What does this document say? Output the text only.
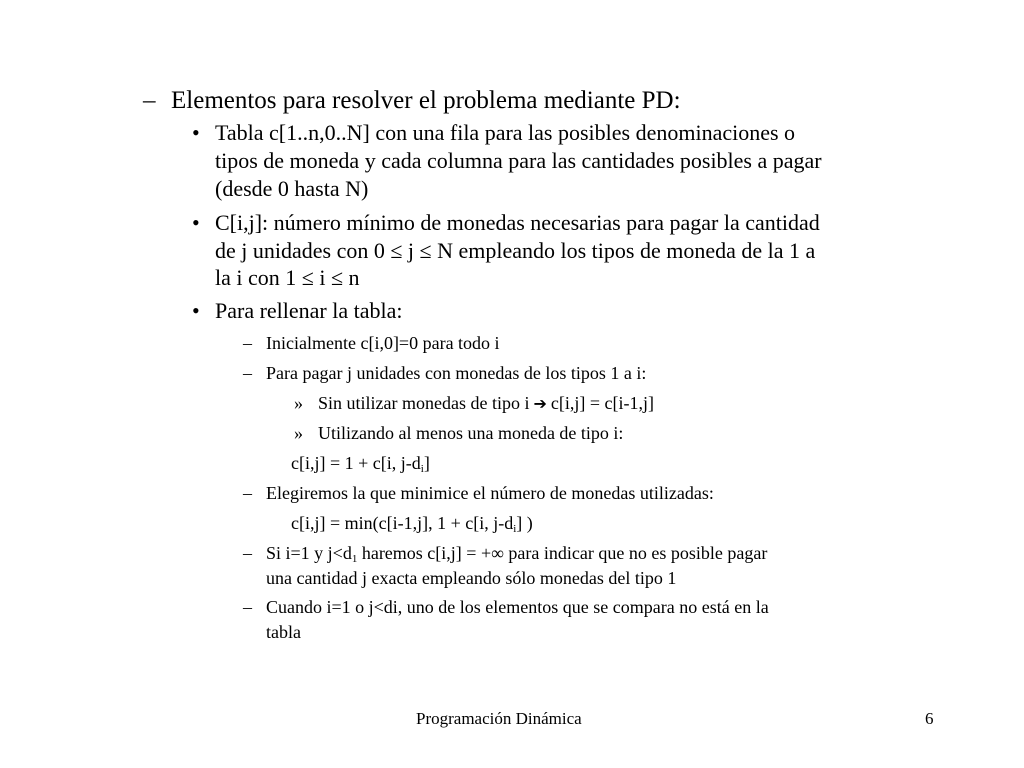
– Elementos para resolver el problema mediante PD:
• Tabla c[1..n,0..N] con una fila para las posibles denominaciones o
tipos de moneda y cada columna para las cantidades posibles a pagar
(desde 0 hasta N)
• C[i,j]: número mínimo de monedas necesarias para pagar la cantidad
de j unidades con 0 ≤ j ≤ N empleando los tipos de moneda de la 1 a
la i con 1 ≤ i ≤ n
• Para rellenar la tabla:
– Inicialmente c[i,0]=0 para todo i
– Para pagar j unidades con monedas de los tipos 1 a i:
» Sin utilizar monedas de tipo i ➔ c[i,j] = c[i-1,j]
» Utilizando al menos una moneda de tipo i:
c[i,j] = 1 + c[i, $j-d_i$]
– Elegiremos la que minimice el número de monedas utilizadas:
c[i,j] = min(c[i-1,j], 1 + c[i, $j-d_i$] )
– Si i=1 y $j<d_1$ haremos c[i,j] = +∞ para indicar que no es posible pagar
una cantidad j exacta empleando sólo monedas del tipo 1
– Cuando i=1 o j<di, uno de los elementos que se compara no está en la
tabla
Programación Dinámica	6
